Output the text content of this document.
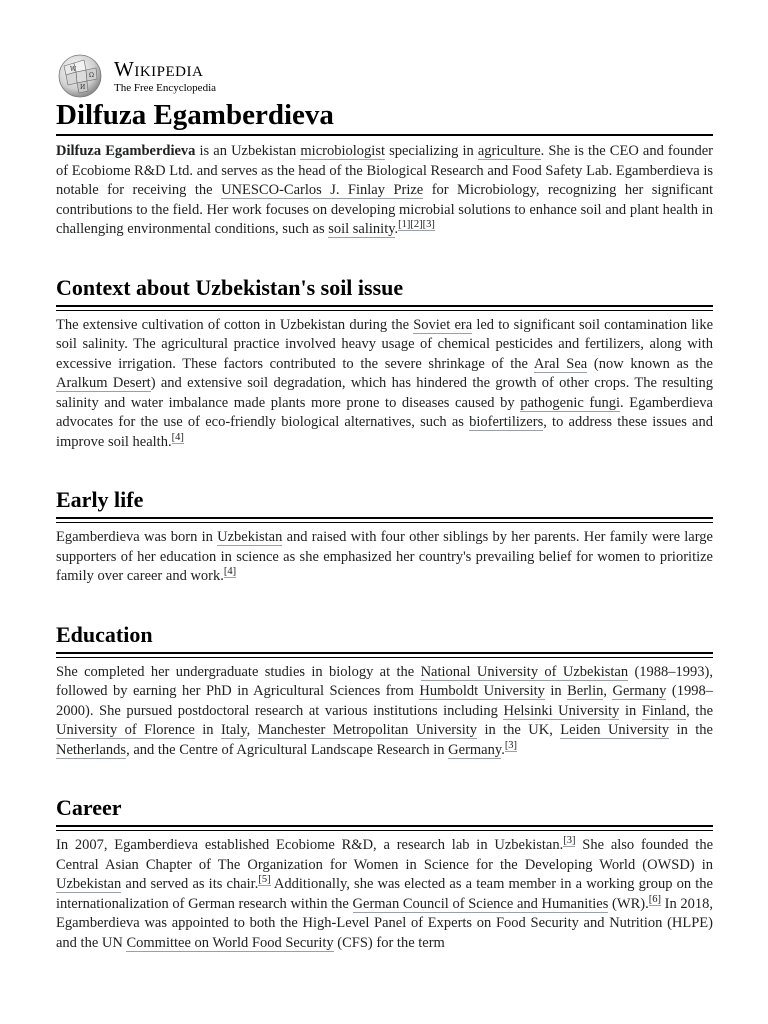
W
Ω
И
Wikipedia
The Free Encyclopedia
Dilfuza Egamberdieva

Dilfuza Egamberdieva is an Uzbekistan microbiologist specializing in agriculture. She is the CEO and founder of Ecobiome R&D Ltd. and serves as the head of the Biological Research and Food Safety Lab. Egamberdieva is notable for receiving the UNESCO-Carlos J. Finlay Prize for Microbiology, recognizing her significant contributions to the field. Her work focuses on developing microbial solutions to enhance soil and plant health in challenging environmental conditions, such as soil salinity.[1][2][3]

Context about Uzbekistan's soil issue

The extensive cultivation of cotton in Uzbekistan during the Soviet era led to significant soil contamination like soil salinity. The agricultural practice involved heavy usage of chemical pesticides and fertilizers, along with excessive irrigation. These factors contributed to the severe shrinkage of the Aral Sea (now known as the Aralkum Desert) and extensive soil degradation, which has hindered the growth of other crops. The resulting salinity and water imbalance made plants more prone to diseases caused by pathogenic fungi. Egamberdieva advocates for the use of eco-friendly biological alternatives, such as biofertilizers, to address these issues and improve soil health.[4]

Early life

Egamberdieva was born in Uzbekistan and raised with four other siblings by her parents. Her family were large supporters of her education in science as she emphasized her country's prevailing belief for women to prioritize family over career and work.[4]

Education

She completed her undergraduate studies in biology at the National University of Uzbekistan (1988–1993), followed by earning her PhD in Agricultural Sciences from Humboldt University in Berlin, Germany (1998–2000). She pursued postdoctoral research at various institutions including Helsinki University in Finland, the University of Florence in Italy, Manchester Metropolitan University in the UK, Leiden University in the Netherlands, and the Centre of Agricultural Landscape Research in Germany.[3]

Career

In 2007, Egamberdieva established Ecobiome R&D, a research lab in Uzbekistan.[3] She also founded the Central Asian Chapter of The Organization for Women in Science for the Developing World (OWSD) in Uzbekistan and served as its chair.[5] Additionally, she was elected as a team member in a working group on the internationalization of German research within the German Council of Science and Humanities (WR).[6] In 2018, Egamberdieva was appointed to both the High-Level Panel of Experts on Food Security and Nutrition (HLPE) and the UN Committee on World Food Security (CFS) for the term
